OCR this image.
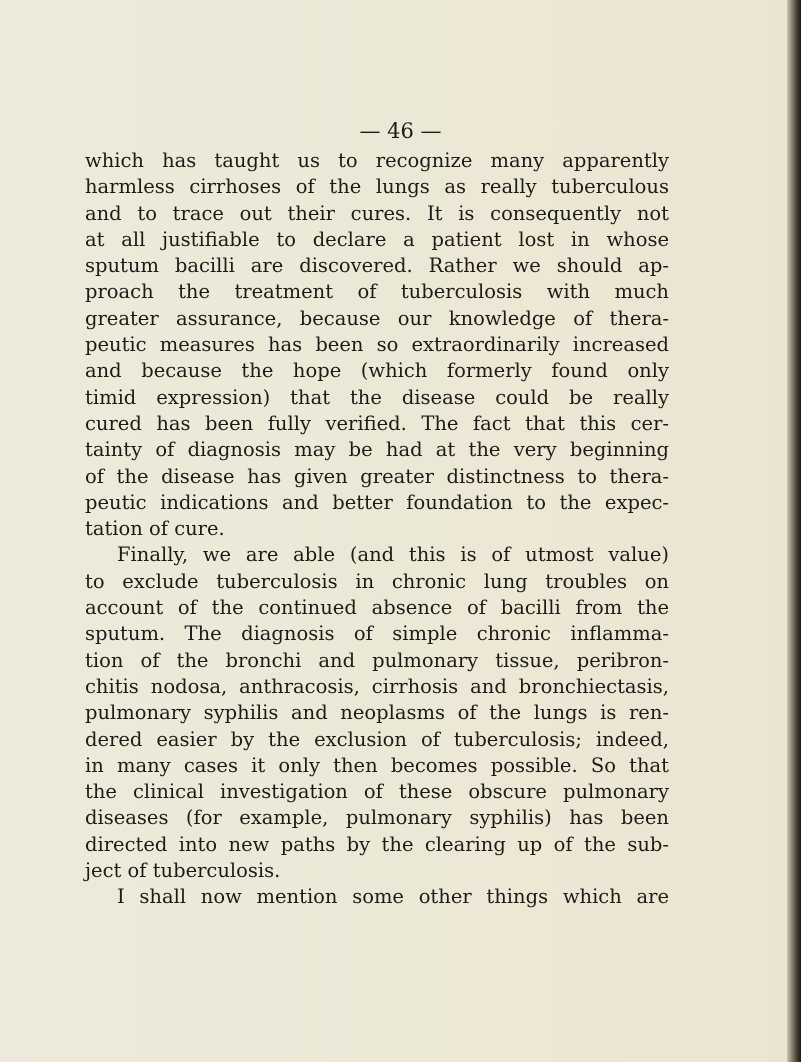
— 46 —
which has taught us to recognize many apparently
harmless cirrhoses of the lungs as really tuberculous
and to trace out their cures. It is consequently not
at all justifiable to declare a patient lost in whose
sputum bacilli are discovered. Rather we should ap-
proach the treatment of tuberculosis with much
greater assurance, because our knowledge of thera-
peutic measures has been so extraordinarily increased
and because the hope (which formerly found only
timid expression) that the disease could be really
cured has been fully verified. The fact that this cer-
tainty of diagnosis may be had at the very beginning
of the disease has given greater distinctness to thera-
peutic indications and better foundation to the expec-
tation of cure.
Finally, we are able (and this is of utmost value)
to exclude tuberculosis in chronic lung troubles on
account of the continued absence of bacilli from the
sputum. The diagnosis of simple chronic inflamma-
tion of the bronchi and pulmonary tissue, peribron-
chitis nodosa, anthracosis, cirrhosis and bronchiectasis,
pulmonary syphilis and neoplasms of the lungs is ren-
dered easier by the exclusion of tuberculosis; indeed,
in many cases it only then becomes possible. So that
the clinical investigation of these obscure pulmonary
diseases (for example, pulmonary syphilis) has been
directed into new paths by the clearing up of the sub-
ject of tuberculosis.
I shall now mention some other things which are
